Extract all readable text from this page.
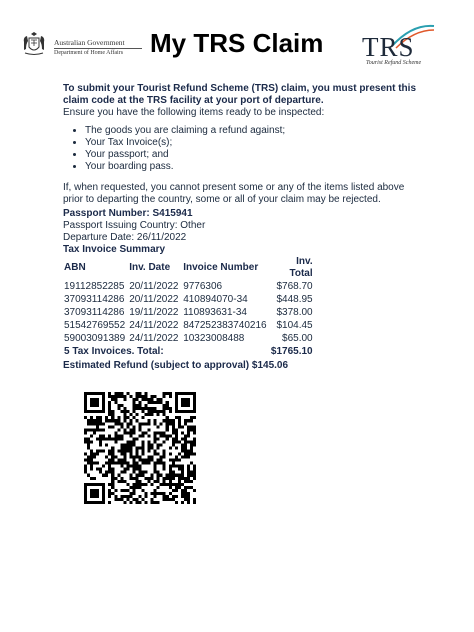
Australian Government
Department of Home Affairs My TRS Claim TRS
Tourist Refund Scheme

To submit your Tourist Refund Scheme (TRS) claim, you must present this claim code at the TRS facility at your port of departure.

Ensure you have the following items ready to be inspected:

• The goods you are claiming a refund against;
• Your Tax Invoice(s);
• Your passport; and
• Your boarding pass.

If, when requested, you cannot present some or any of the items listed above prior to departing the country, some or all of your claim may be rejected.

Passport Number: S415941

Passport Issuing Country: Other

Departure Date: 26/11/2022

Tax Invoice Summary

ABN	Inv. Date	Invoice Number	Inv. Total
19112852285	20/11/2022	9776306	$768.70
37093114286	20/11/2022	410894070-34	$448.95
37093114286	19/11/2022	110893631-34	$378.00
51542769552	24/11/2022	847252383740216	$104.45
59003091389	24/11/2022	10323008488	$65.00
5 Tax Invoices. Total:			$1765.10

Estimated Refund (subject to approval) $145.06
